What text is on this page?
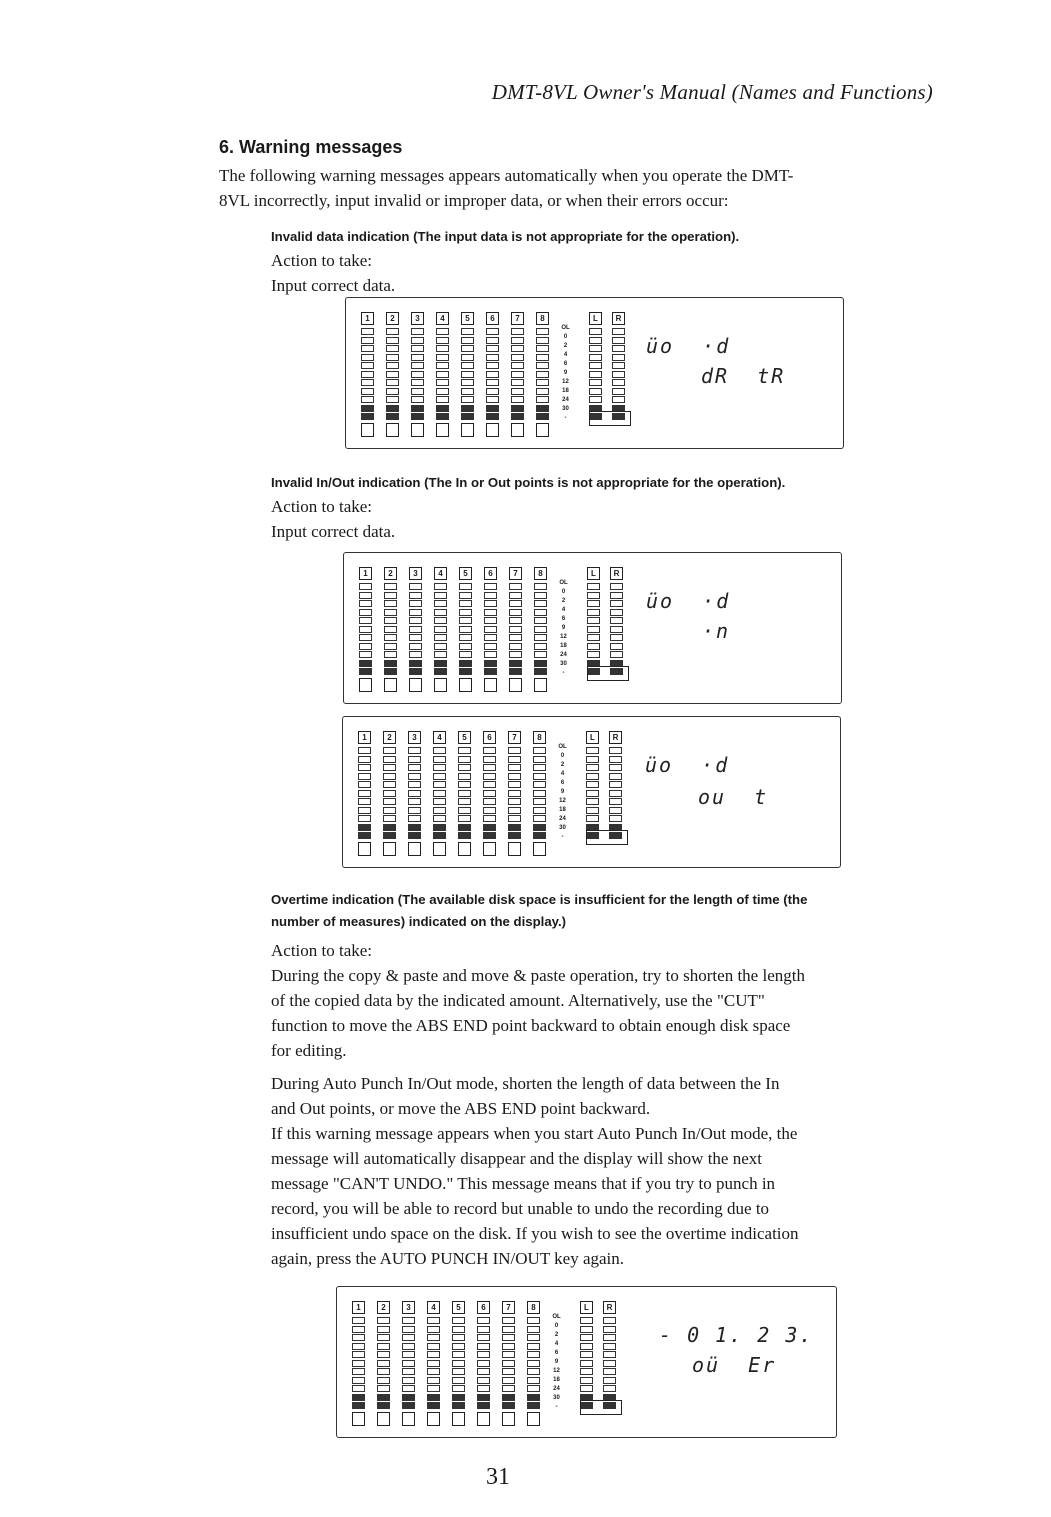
DMT-8VL Owner's Manual (Names and Functions)
6. Warning messages
The following warning messages appears automatically when you operate the DMT-
8VL incorrectly, input invalid or improper data, or when their errors occur:
Invalid data indication (The input data is not appropriate for the operation).
Action to take:
Input correct data.
1	2	3	4	5	6	7	8
OL
0
2
4
6
9
12
18
24
30
-
L	R
üo  ·d
dR  tR
Invalid In/Out indication (The In or Out points is not appropriate for the operation).
Action to take:
Input correct data.
1	2	3	4	5	6	7	8
OL
0
2
4
6
9
12
18
24
30
-
L	R
üo  ·d
·n
1	2	3	4	5	6	7	8
OL
0
2
4
6
9
12
18
24
30
-
L	R
üo  ·d
ou  t
Overtime indication (The available disk space is insufficient for the length of time (the
number of measures) indicated on the display.)
Action to take:
During the copy & paste and move & paste operation, try to shorten the length
of the copied data by the indicated amount. Alternatively, use the "CUT"
function to move the ABS END point backward to obtain enough disk space
for editing.
During Auto Punch In/Out mode, shorten the length of data between the In
and Out points, or move the ABS END point backward.
If this warning message appears when you start Auto Punch In/Out mode, the
message will automatically disappear and the display will show the next
message "CAN'T UNDO." This message means that if you try to punch in
record, you will be able to record but unable to undo the recording due to
insufficient undo space on the disk. If you wish to see the overtime indication
again, press the AUTO PUNCH IN/OUT key again.
1	2	3	4	5	6	7	8
OL
0
2
4
6
9
12
18
24
30
-
L	R
- 0 1. 2 3.
oü  Er
31
